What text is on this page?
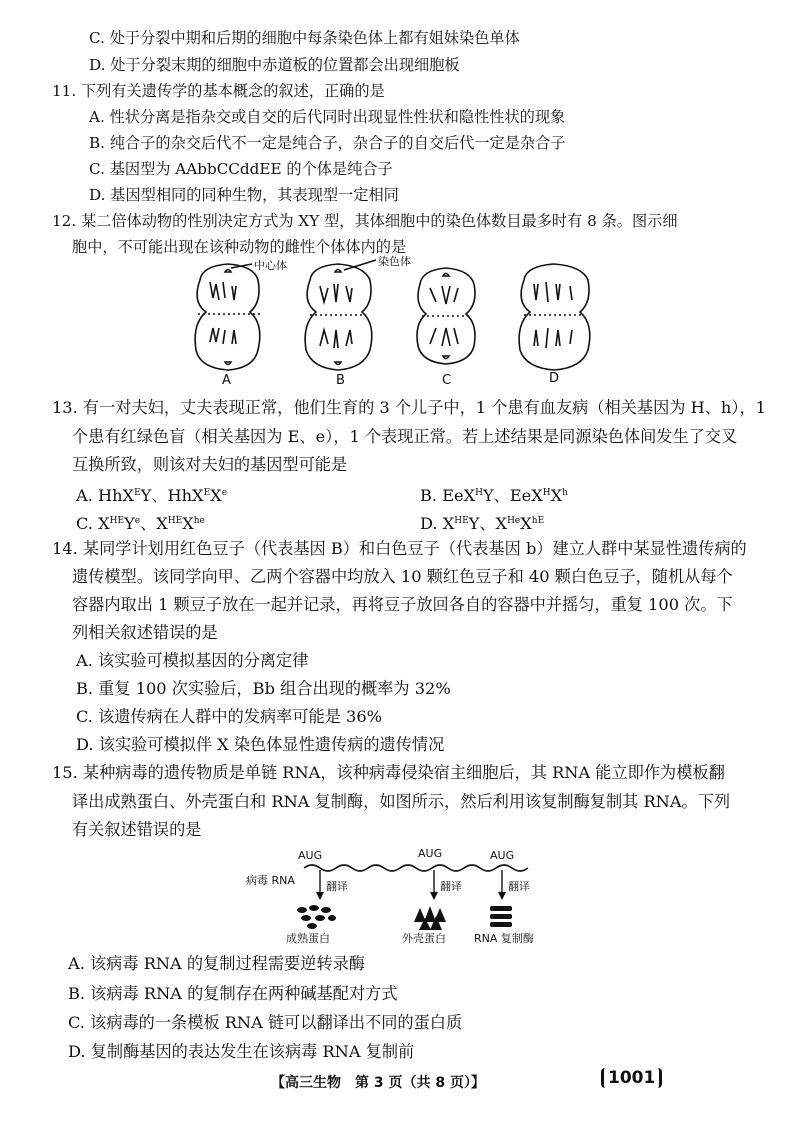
C. 处于分裂中期和后期的细胞中每条染色体上都有姐妹染色单体
D. 处于分裂末期的细胞中赤道板的位置都会出现细胞板
11. 下列有关遗传学的基本概念的叙述，正确的是
A. 性状分离是指杂交或自交的后代同时出现显性性状和隐性性状的现象
B. 纯合子的杂交后代不一定是纯合子，杂合子的自交后代一定是杂合子
C. 基因型为 AAbbCCddEE 的个体是纯合子
D. 基因型相同的同种生物，其表现型一定相同
12. 某二倍体动物的性别决定方式为 XY 型，其体细胞中的染色体数目最多时有 8 条。图示细
胞中，不可能出现在该种动物的雌性个体体内的是
中心体	染色体
A	B	C	D
13. 有一对夫妇，丈夫表现正常，他们生育的 3 个儿子中，1 个患有血友病（相关基因为 H、h），1
个患有红绿色盲（相关基因为 E、e），1 个表现正常。若上述结果是同源染色体间发生了交叉
互换所致，则该对夫妇的基因型可能是
A. HhX$^E$Y、HhX$^E$Xe	B. EeX$^H$Y、$EeX^HX^h$
C. $X^{HE}Y^e$、$X^{HE}X^{he}$	D. $X^{HE}Y$、$X^{He}X^{hE}$
14. 某同学计划用红色豆子（代表基因 B）和白色豆子（代表基因 b）建立人群中某显性遗传病的
遗传模型。该同学向甲、乙两个容器中均放入 10 颗红色豆子和 40 颗白色豆子，随机从每个
容器内取出 1 颗豆子放在一起并记录，再将豆子放回各自的容器中并摇匀，重复 100 次。下
列相关叙述错误的是
A. 该实验可模拟基因的分离定律
B. 重复 100 次实验后，Bb 组合出现的概率为 32%
C. 该遗传病在人群中的发病率可能是 36%
D. 该实验可模拟伴 X 染色体显性遗传病的遗传情况
15. 某种病毒的遗传物质是单链 RNA，该种病毒侵染宿主细胞后，其 RNA 能立即作为模板翻
译出成熟蛋白、外壳蛋白和 RNA 复制酶，如图所示，然后利用该复制酶复制其 RNA。下列
有关叙述错误的是
AUG	AUG	AUG
病毒 RNA	翻译	翻译	翻译
成熟蛋白	外壳蛋白	RNA 复制酶
A. 该病毒 RNA 的复制过程需要逆转录酶
B. 该病毒 RNA 的复制存在两种碱基配对方式
C. 该病毒的一条模板 RNA 链可以翻译出不同的蛋白质
D. 复制酶基因的表达发生在该病毒 RNA 复制前
【高三生物　第 3 页（共 8 页）】	1001
